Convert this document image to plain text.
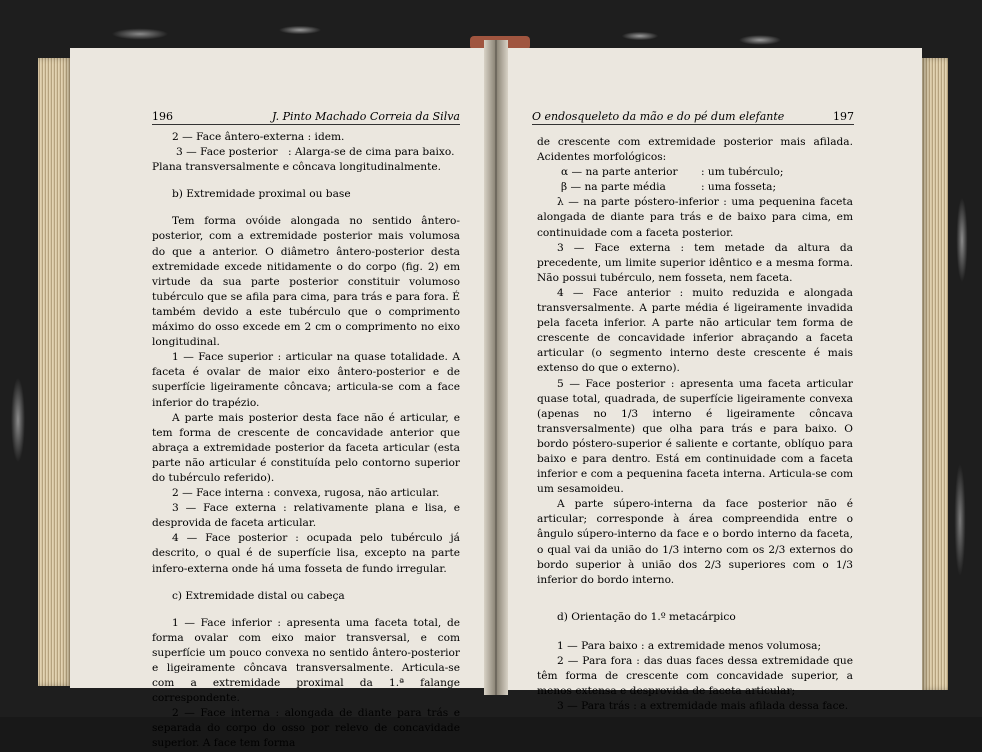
196	J. Pinto Machado Correia da Silva	O endosqueleto da mão e do pé dum elefante	197

2 — Face ântero-externa : idem.

3 — Face posterior : Alarga-se de cima para baixo.

Plana transversalmente e côncava longitudinalmente.

b) Extremidade proximal ou base

Tem forma ovóide alongada no sentido ântero-posterior, com a extremidade posterior mais volumosa do que a anterior. O diâmetro ântero-posterior desta extremidade excede nitidamente o do corpo (fig. 2) em virtude da sua parte posterior constituir volumoso tubérculo que se afila para cima, para trás e para fora. É também devido a este tubérculo que o comprimento máximo do osso excede em 2 cm o comprimento no eixo longitudinal.

1 — Face superior : articular na quase totalidade. A faceta é ovalar de maior eixo ântero-posterior e de superfície ligeiramente côncava; articula-se com a face inferior do trapézio.

A parte mais posterior desta face não é articular, e tem forma de crescente de concavidade anterior que abraça a extremidade posterior da faceta articular (esta parte não articular é constituída pelo contorno superior do tubérculo referido).

2 — Face interna : convexa, rugosa, não articular.

3 — Face externa : relativamente plana e lisa, e desprovida de faceta articular.

4 — Face posterior : ocupada pelo tubérculo já descrito, o qual é de superfície lisa, excepto na parte infero-externa onde há uma fosseta de fundo irregular.

c) Extremidade distal ou cabeça

1 — Face inferior : apresenta uma faceta total, de forma ovalar com eixo maior transversal, e com superfície um pouco convexa no sentido ântero-posterior e ligeiramente côncava transversalmente. Articula-se com a extremidade proximal da 1.ª falange correspondente.

2 — Face interna : alongada de diante para trás e separada do corpo do osso por relevo de concavidade superior. A face tem forma

de crescente com extremidade posterior mais afilada. Acidentes morfológicos:

α — na parte anterior	: um tubérculo;
β — na parte média	: uma fosseta;

λ — na parte póstero-inferior : uma pequenina faceta alongada de diante para trás e de baixo para cima, em continuidade com a faceta posterior.

3 — Face externa : tem metade da altura da precedente, um limite superior idêntico e a mesma forma. Não possui tubérculo, nem fosseta, nem faceta.

4 — Face anterior : muito reduzida e alongada transversalmente. A parte média é ligeiramente invadida pela faceta inferior. A parte não articular tem forma de crescente de concavidade inferior abraçando a faceta articular (o segmento interno deste crescente é mais extenso do que o externo).

5 — Face posterior : apresenta uma faceta articular quase total, quadrada, de superfície ligeiramente convexa (apenas no 1/3 interno é ligeiramente côncava transversalmente) que olha para trás e para baixo. O bordo póstero-superior é saliente e cortante, oblíquo para baixo e para dentro. Está em continuidade com a faceta inferior e com a pequenina faceta interna. Articula-se com um sesamoideu.

A parte súpero-interna da face posterior não é articular; corresponde à área compreendida entre o ângulo súpero-interno da face e o bordo interno da faceta, o qual vai da união do 1/3 interno com os 2/3 externos do bordo superior à união dos 2/3 superiores com o 1/3 inferior do bordo interno.

d) Orientação do 1.º metacárpico

1 — Para baixo : a extremidade menos volumosa;

2 — Para fora : das duas faces dessa extremidade que têm forma de crescente com concavidade superior, a menos extensa e desprovida de faceta articular;

3 — Para trás : a extremidade mais afilada dessa face.
